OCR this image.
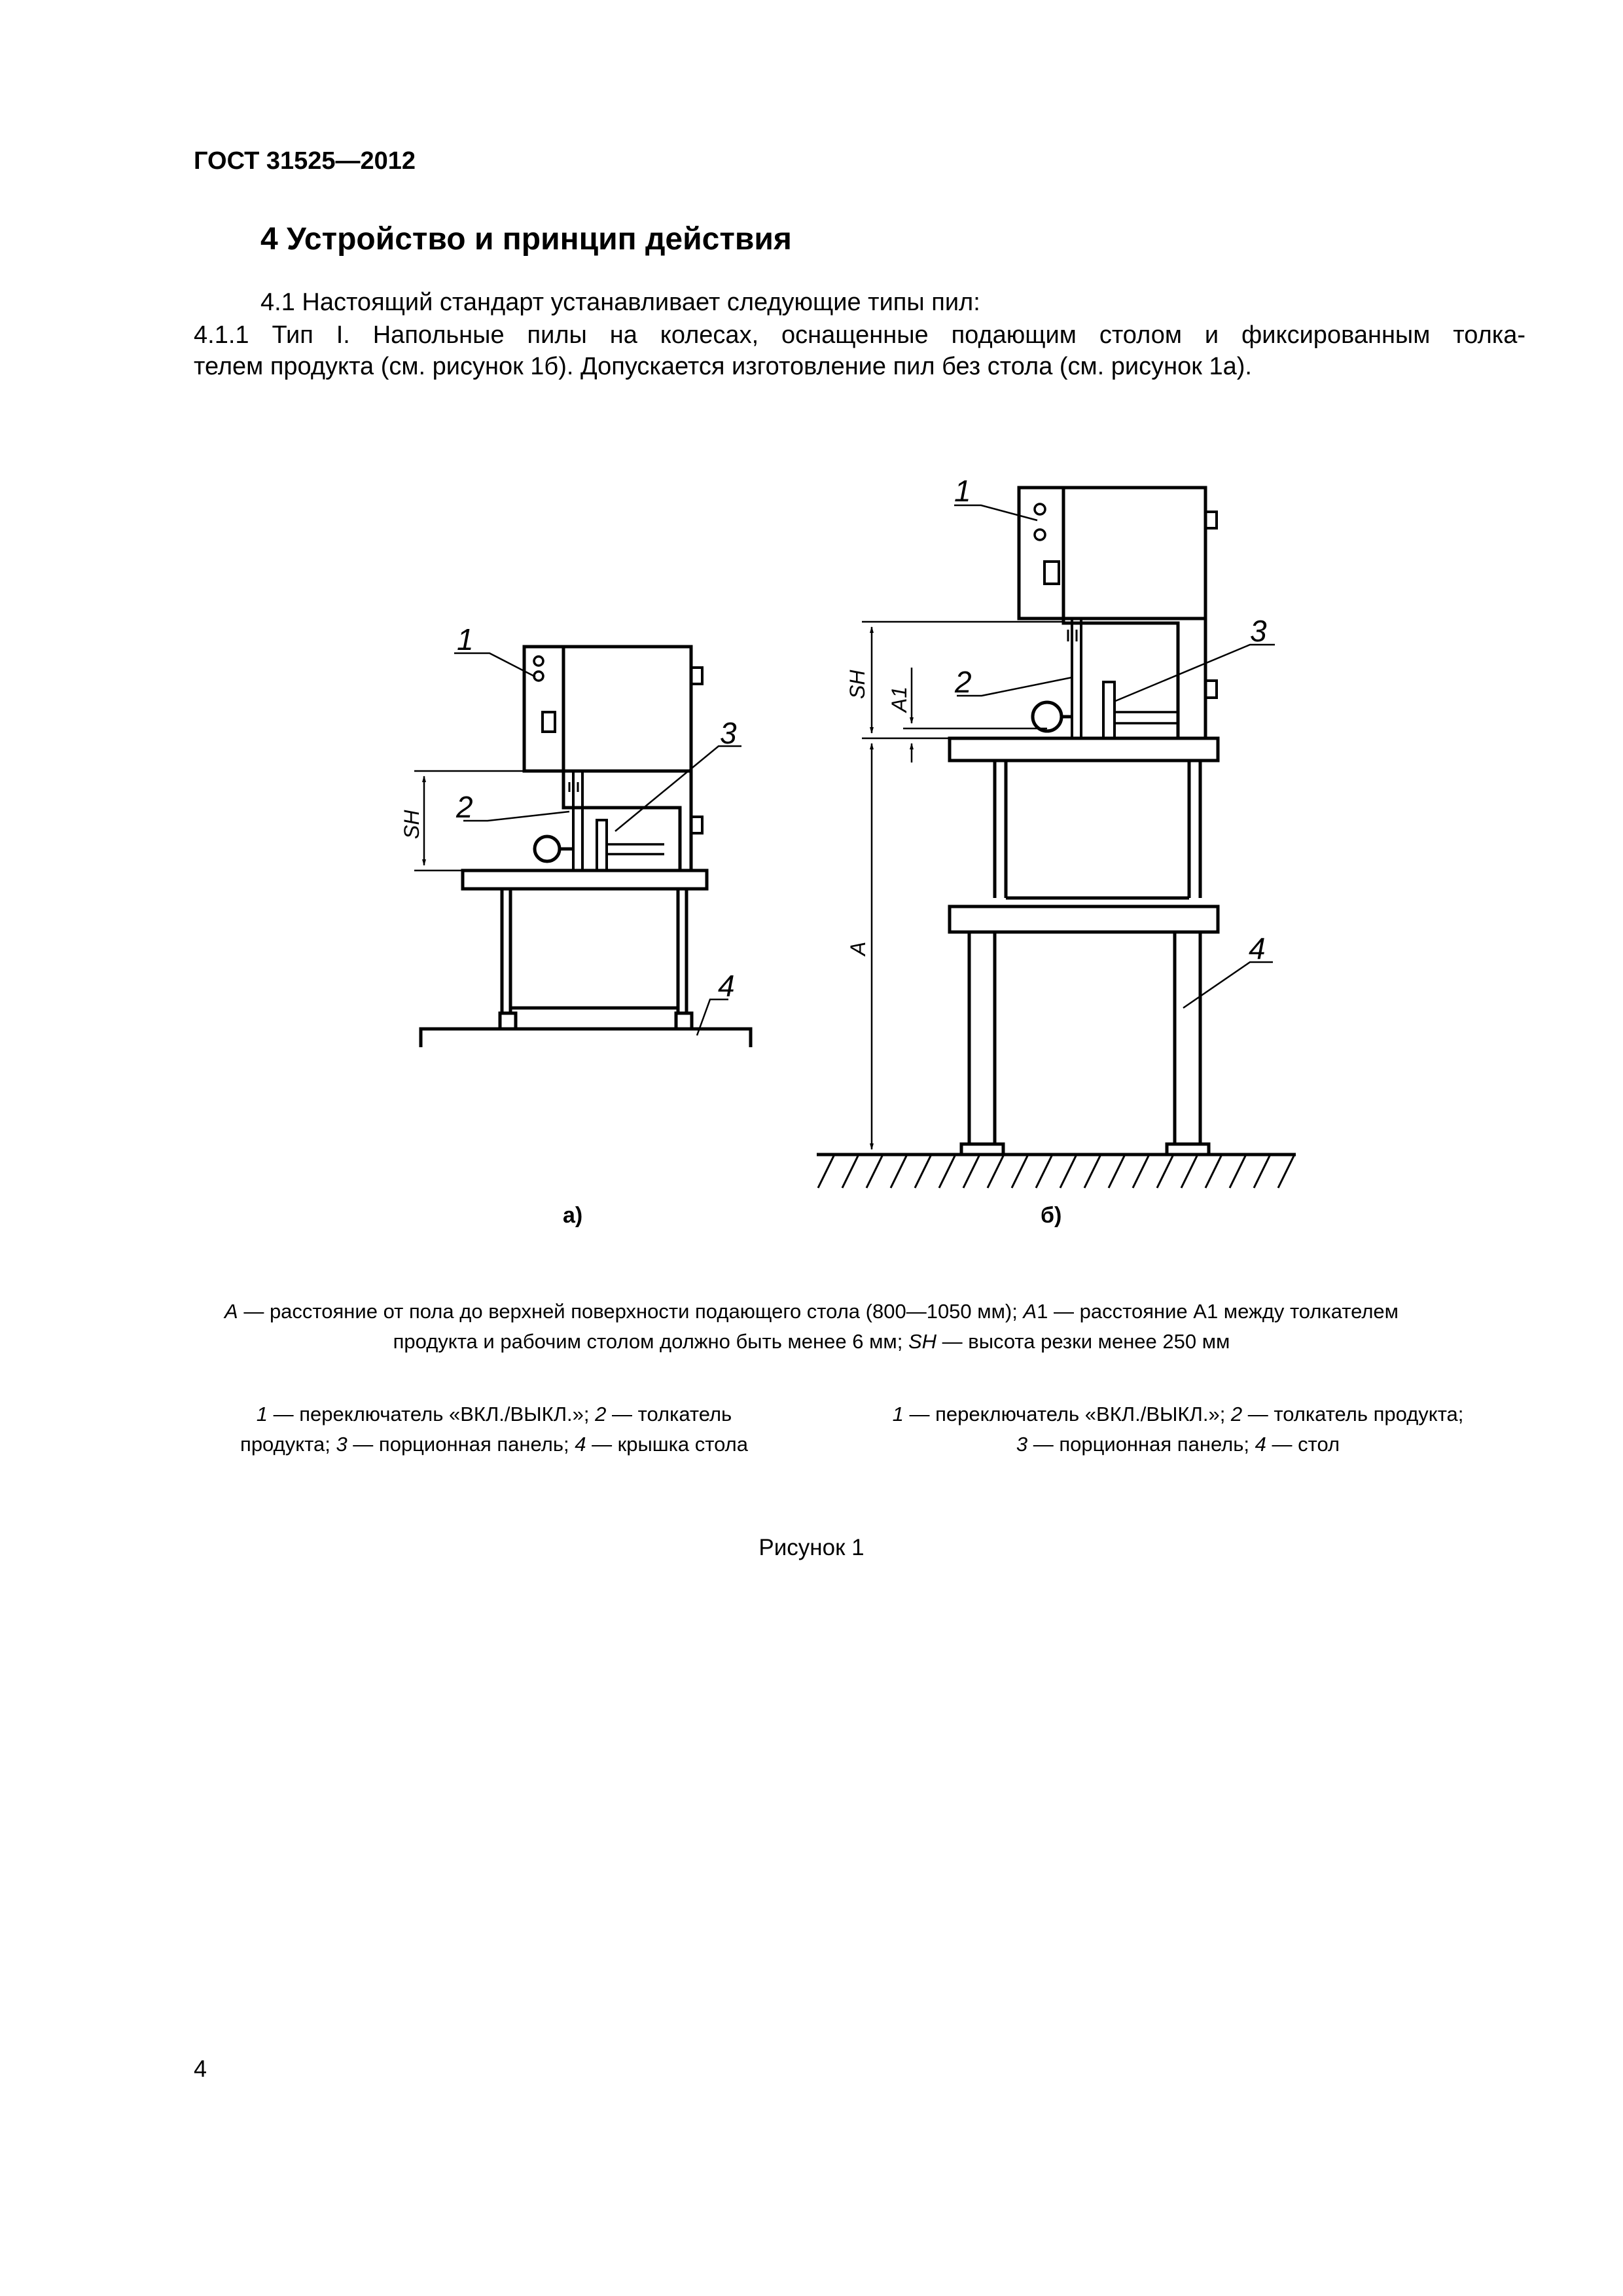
ГОСТ 31525—2012
4 Устройство и принцип действия
4.1 Настоящий стандарт устанавливает следующие типы пил:
4.1.1 Тип I. Напольные пилы на колесах, оснащенные подающим столом и фиксированным толка-
телем продукта (см. рисунок 1б). Допускается изготовление пил без стола (см. рисунок 1а).
1
2
3
4
1
2
3
4
SH
SH
A1
A
а)	б)
A — расстояние от пола до верхней поверхности подающего стола (800—1050 мм); A1 — расстояние А1 между толкателем
продукта и рабочим столом должно быть менее 6 мм; SH — высота резки менее 250 мм
1 — переключатель «ВКЛ./ВЫКЛ.»; 2 — толкатель
продукта; 3 — порционная панель; 4 — крышка стола
1 — переключатель «ВКЛ./ВЫКЛ.»; 2 — толкатель продукта;
3 — порционная панель; 4 — стол
Рисунок 1
4
